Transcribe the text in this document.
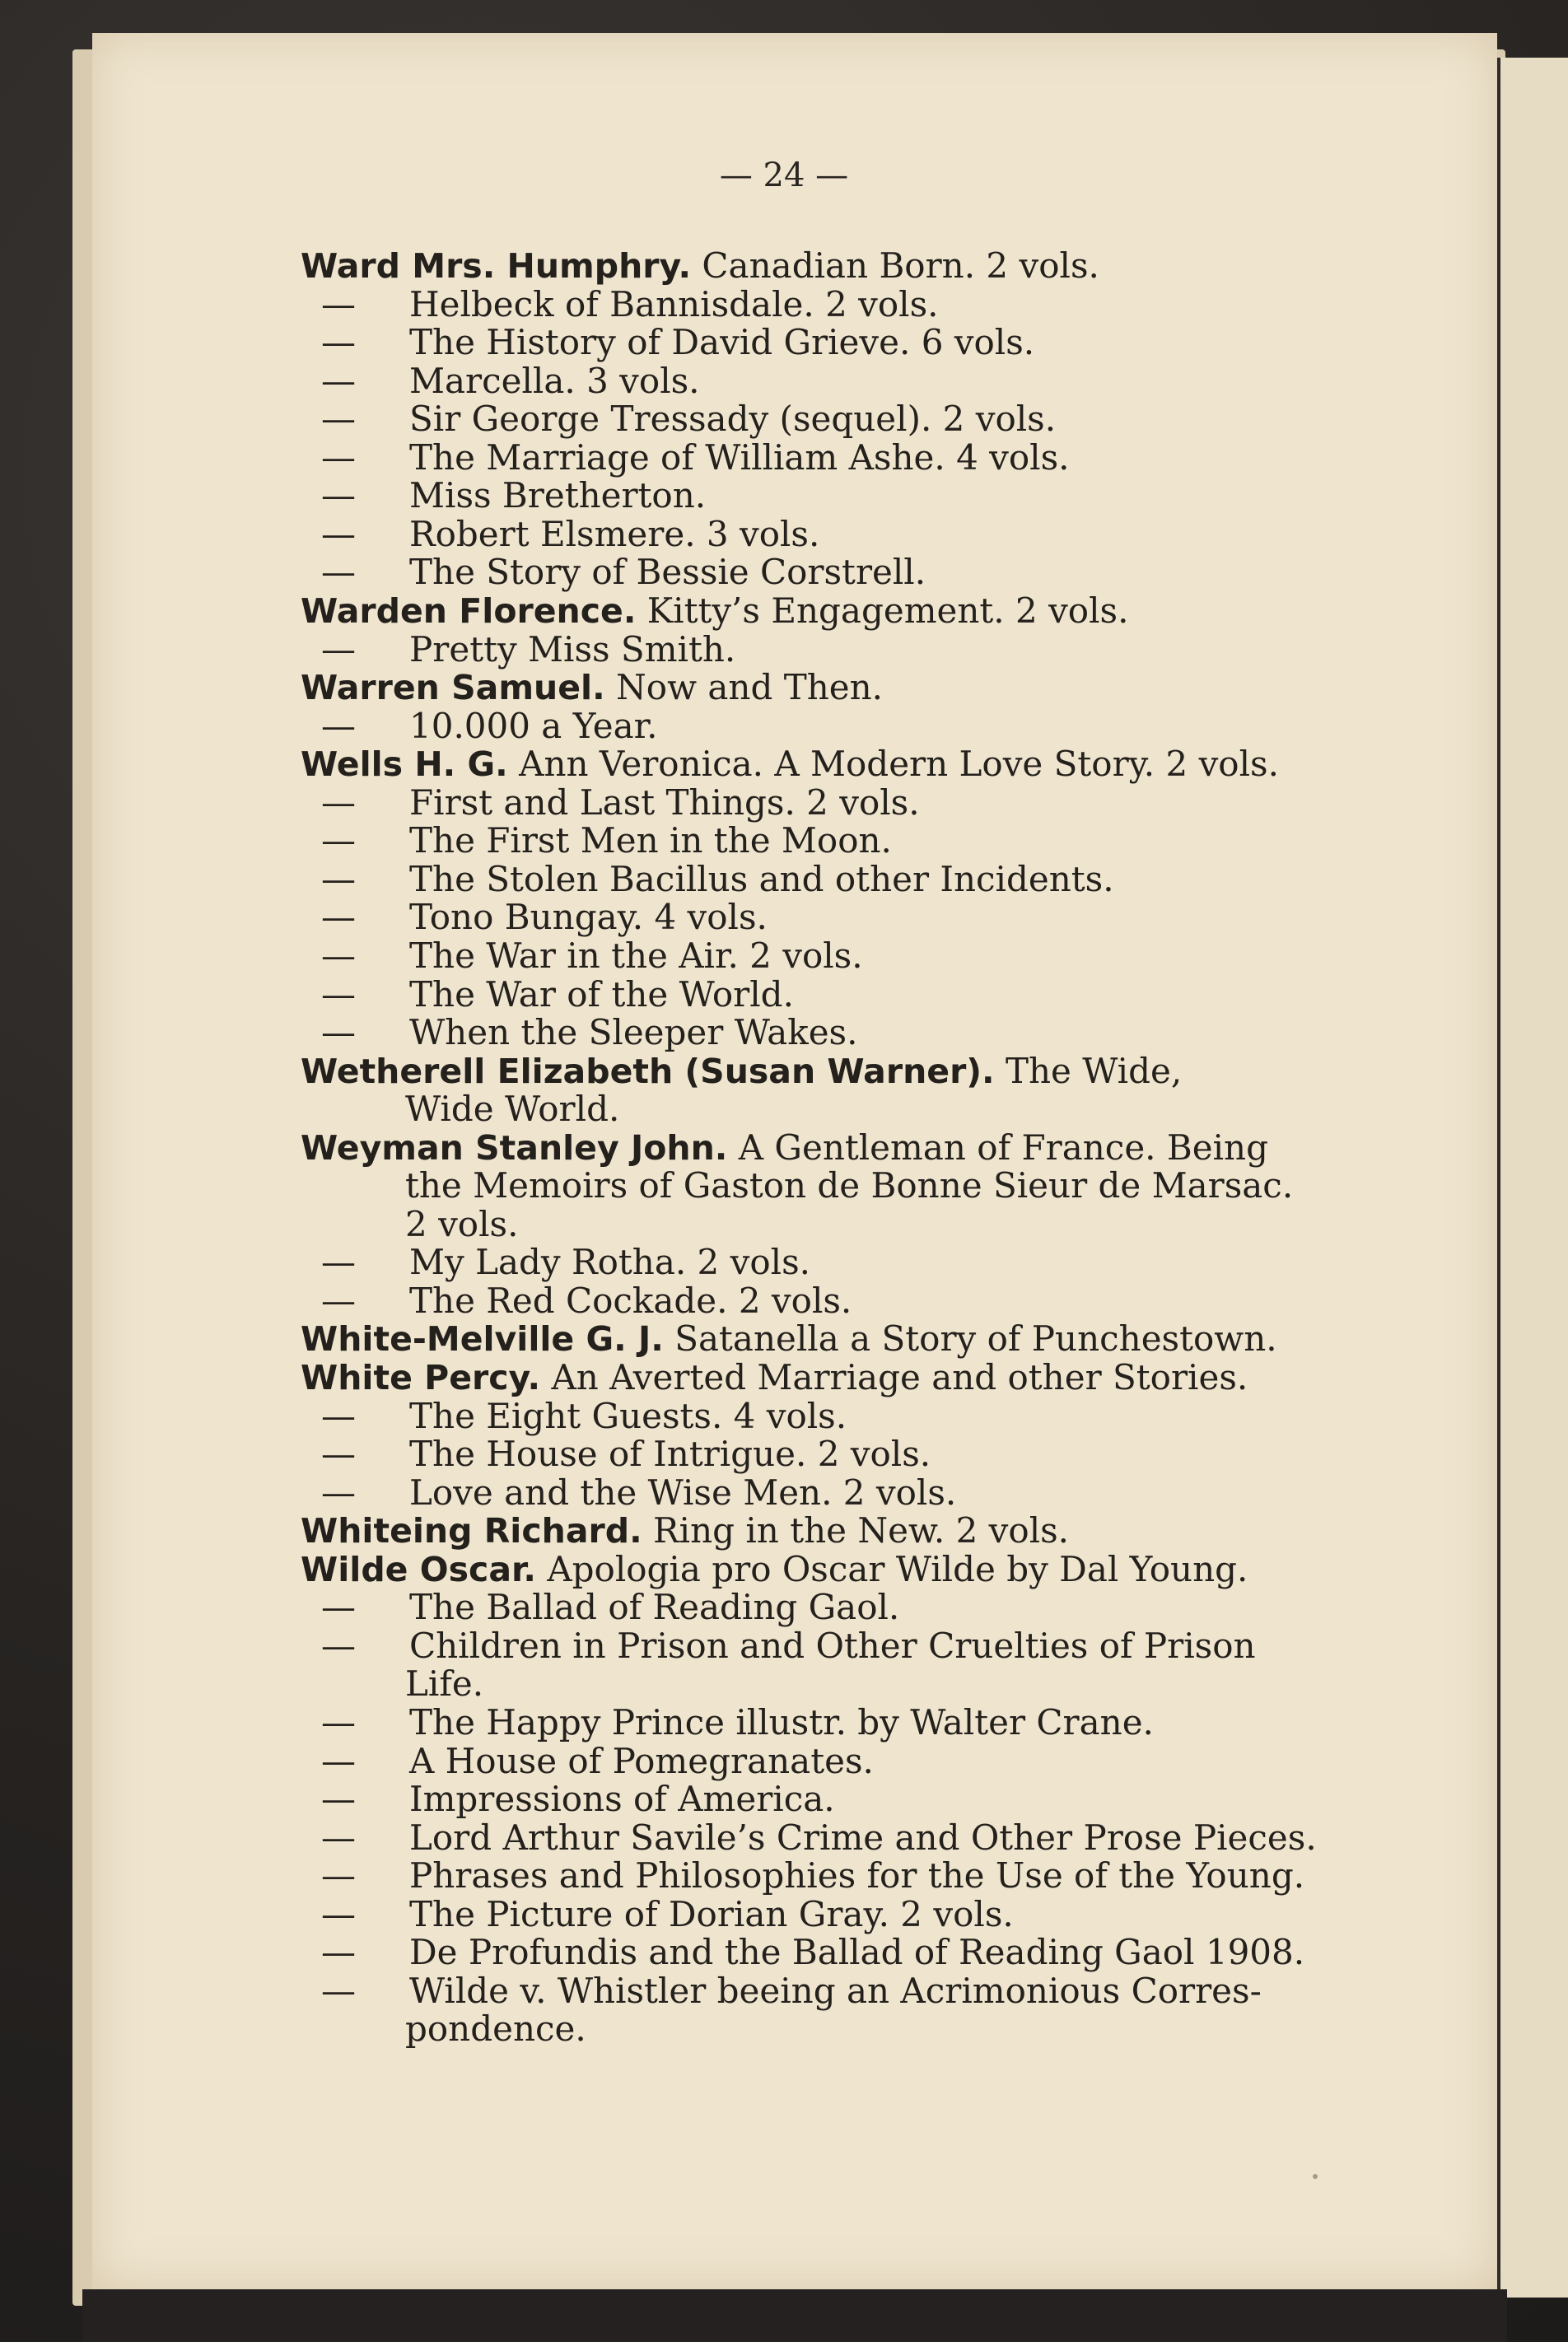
— 24 —
Ward Mrs. Humphry. Canadian Born. 2 vols.
— Helbeck of Bannisdale. 2 vols.
— The History of David Grieve. 6 vols.
— Marcella. 3 vols.
— Sir George Tressady (sequel). 2 vols.
— The Marriage of William Ashe. 4 vols.
— Miss Bretherton.
— Robert Elsmere. 3 vols.
— The Story of Bessie Corstrell.
Warden Florence. Kitty’s Engagement. 2 vols.
— Pretty Miss Smith.
Warren Samuel. Now and Then.
— 10.000 a Year.
Wells H. G. Ann Veronica. A Modern Love Story. 2 vols.
— First and Last Things. 2 vols.
— The First Men in the Moon.
— The Stolen Bacillus and other Incidents.
— Tono Bungay. 4 vols.
— The War in the Air. 2 vols.
— The War of the World.
— When the Sleeper Wakes.
Wetherell Elizabeth (Susan Warner). The Wide,
Wide World.
Weyman Stanley John. A Gentleman of France. Being
the Memoirs of Gaston de Bonne Sieur de Marsac.
2 vols.
— My Lady Rotha. 2 vols.
— The Red Cockade. 2 vols.
White-Melville G. J. Satanella a Story of Punchestown.
White Percy. An Averted Marriage and other Stories.
— The Eight Guests. 4 vols.
— The House of Intrigue. 2 vols.
— Love and the Wise Men. 2 vols.
Whiteing Richard. Ring in the New. 2 vols.
Wilde Oscar. Apologia pro Oscar Wilde by Dal Young.
— The Ballad of Reading Gaol.
— Children in Prison and Other Cruelties of Prison
Life.
— The Happy Prince illustr. by Walter Crane.
— A House of Pomegranates.
— Impressions of America.
— Lord Arthur Savile’s Crime and Other Prose Pieces.
— Phrases and Philosophies for the Use of the Young.
— The Picture of Dorian Gray. 2 vols.
— De Profundis and the Ballad of Reading Gaol 1908.
— Wilde v. Whistler beeing an Acrimonious Corres-
pondence.
